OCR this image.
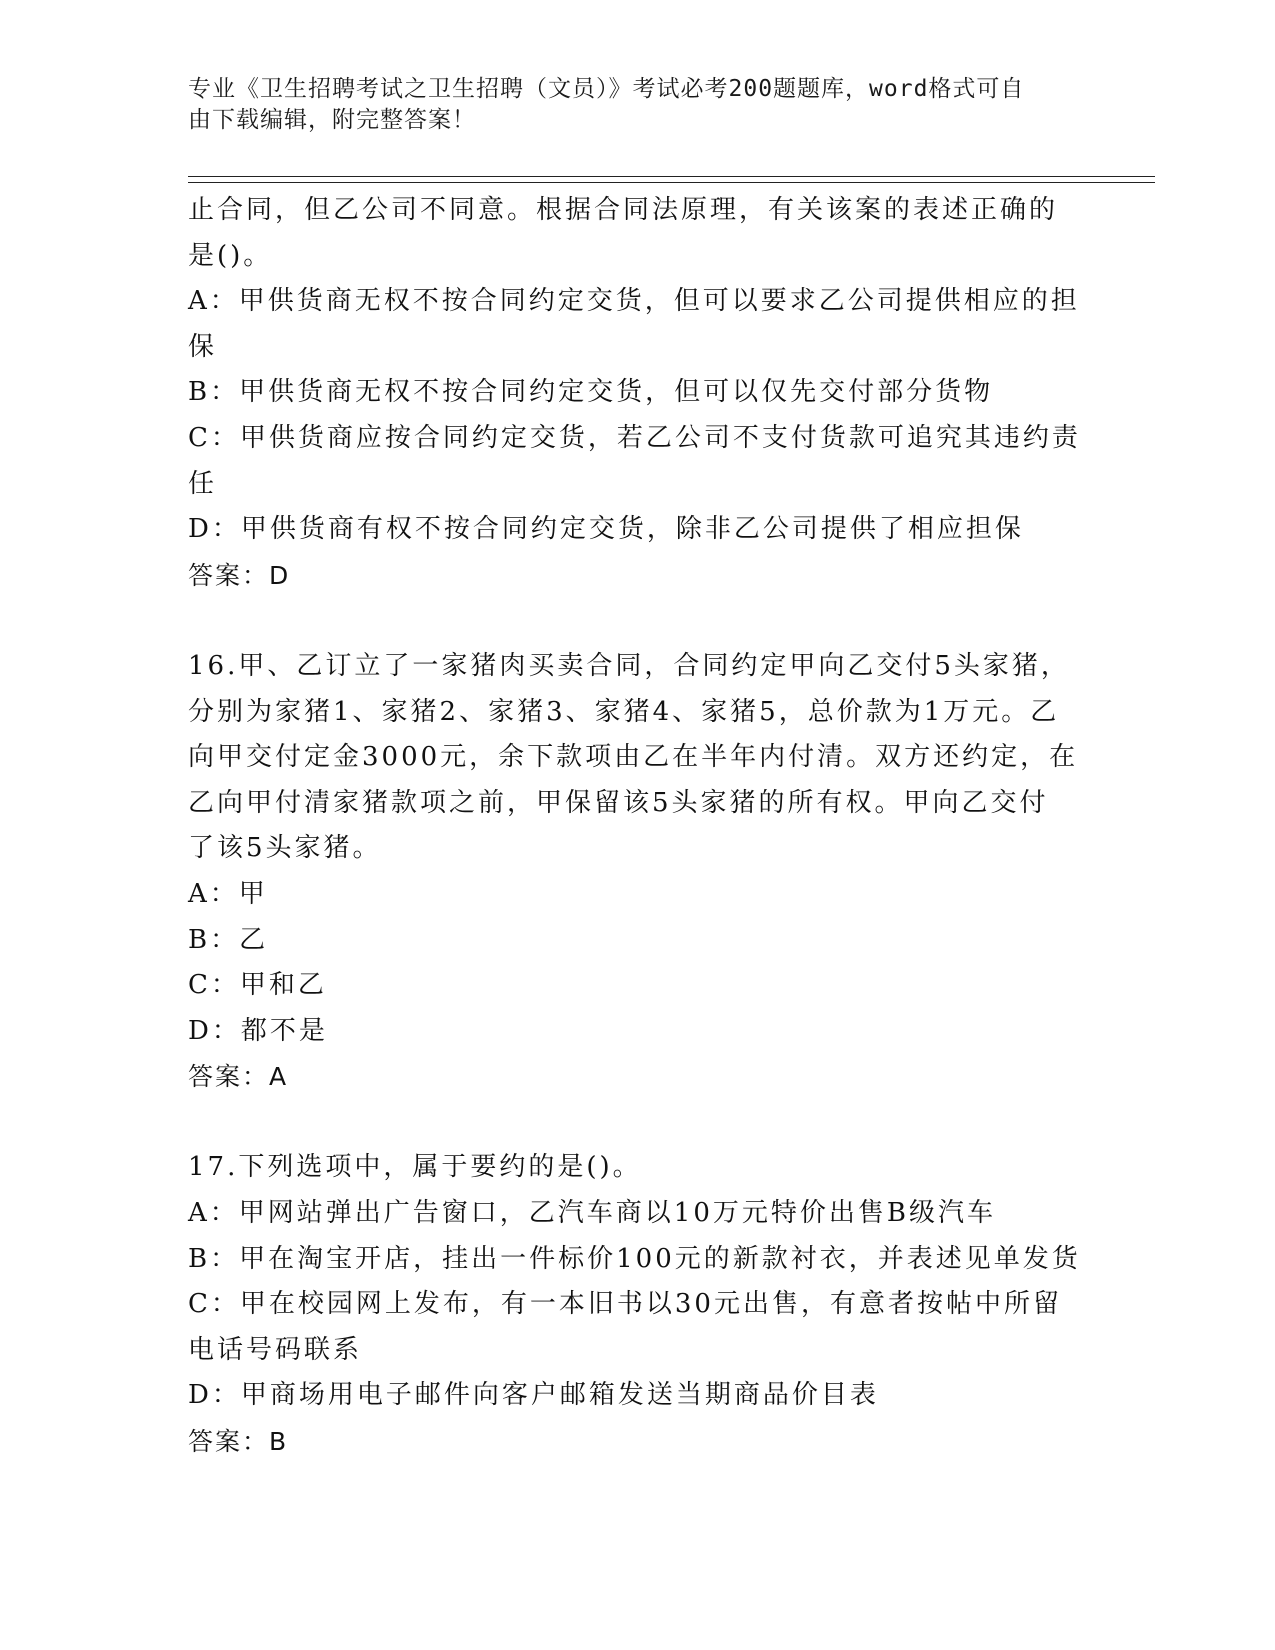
专业《卫生招聘考试之卫生招聘（文员）》考试必考200题题库，word格式可自
由下载编辑，附完整答案！
止合同，但乙公司不同意。根据合同法原理，有关该案的表述正确的
是()。
A：甲供货商无权不按合同约定交货，但可以要求乙公司提供相应的担
保
B：甲供货商无权不按合同约定交货，但可以仅先交付部分货物
C：甲供货商应按合同约定交货，若乙公司不支付货款可追究其违约责
任
D：甲供货商有权不按合同约定交货，除非乙公司提供了相应担保
答案：D
16.甲、乙订立了一家猪肉买卖合同，合同约定甲向乙交付5头家猪，
分别为家猪1、家猪2、家猪3、家猪4、家猪5，总价款为1万元。乙
向甲交付定金3000元，余下款项由乙在半年内付清。双方还约定，在
乙向甲付清家猪款项之前，甲保留该5头家猪的所有权。甲向乙交付
了该5头家猪。
A：甲
B：乙
C：甲和乙
D：都不是
答案：A
17.下列选项中，属于要约的是()。
A：甲网站弹出广告窗口，乙汽车商以10万元特价出售B级汽车
B：甲在淘宝开店，挂出一件标价100元的新款衬衣，并表述见单发货
C：甲在校园网上发布，有一本旧书以30元出售，有意者按帖中所留
电话号码联系
D：甲商场用电子邮件向客户邮箱发送当期商品价目表
答案：B
